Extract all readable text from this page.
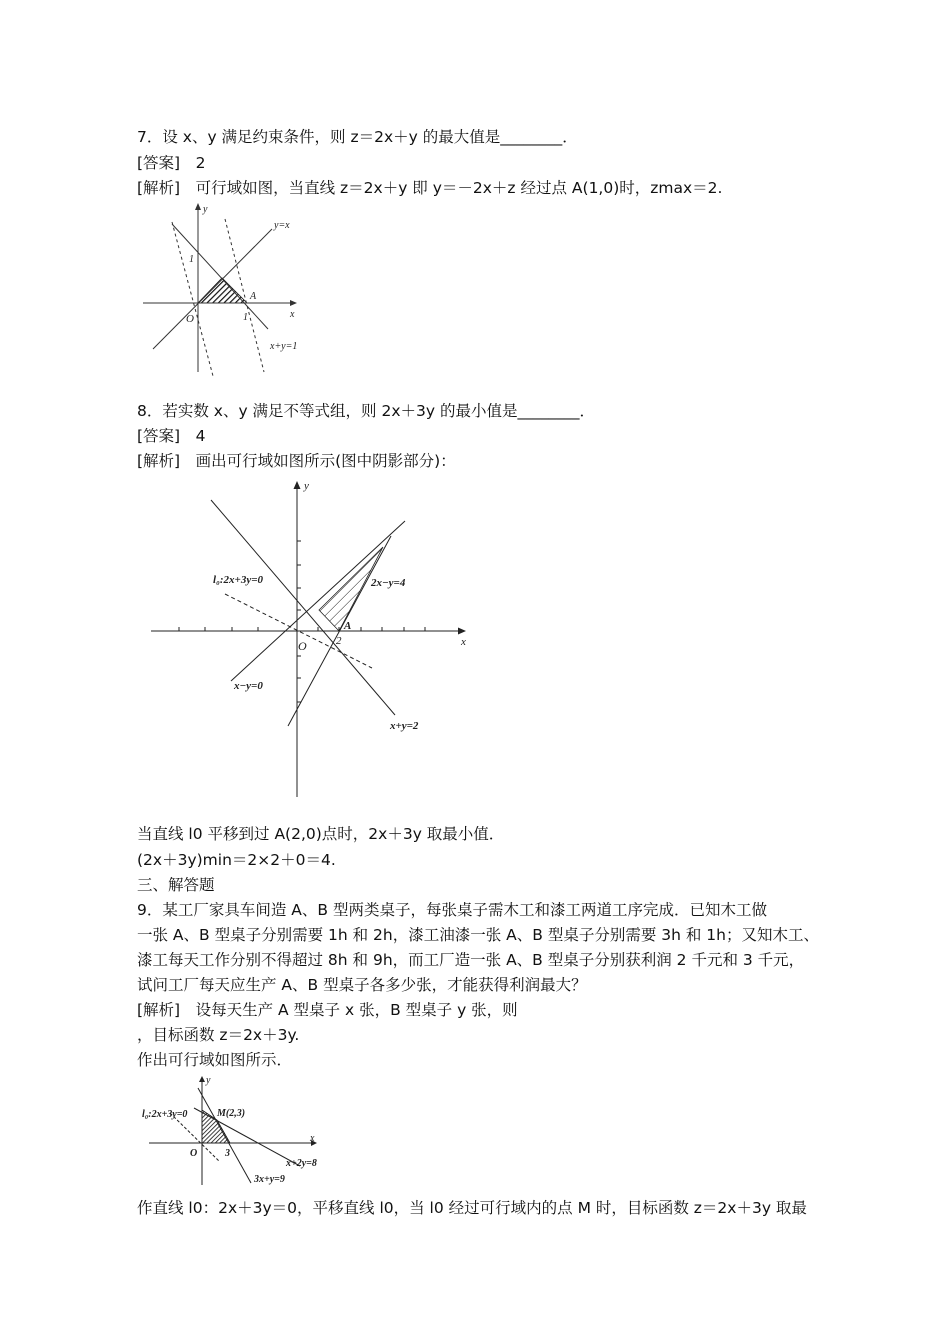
7．设 x、y 满足约束条件，则 z＝2x＋y 的最大值是________．
[答案]　2
[解析]　可行域如图，当直线 z＝2x＋y 即 y＝－2x＋z 经过点 A(1,0)时，zmax＝2.
y
x
y=x
1
O	1
A
x+y=1
8．若实数 x、y 满足不等式组，则 2x＋3y 的最小值是________．
[答案]　4
[解析]　画出可行域如图所示(图中阴影部分)：
y
x
O	2
A
l₀:2x+3y=0	2x−y=4
x−y=0
x+y=2
当直线 l0 平移到过 A(2,0)点时，2x＋3y 取最小值．
(2x＋3y)min＝2×2＋0＝4.
三、解答题
9．某工厂家具车间造 A、B 型两类桌子，每张桌子需木工和漆工两道工序完成．已知木工做
一张 A、B 型桌子分别需要 1h 和 2h，漆工油漆一张 A、B 型桌子分别需要 3h 和 1h；又知木工、
漆工每天工作分别不得超过 8h 和 9h，而工厂造一张 A、B 型桌子分别获利润 2 千元和 3 千元，
试问工厂每天应生产 A、B 型桌子各多少张，才能获得利润最大？
[解析]　设每天生产 A 型桌子 x 张，B 型桌子 y 张，则
，目标函数 z＝2x＋3y.
作出可行域如图所示．
y
x
O	3
l₀:2x+3y=0	M(2,3)
x+2y=8
3x+y=9
作直线 l0：2x＋3y＝0，平移直线 l0，当 l0 经过可行域内的点 M 时，目标函数 z＝2x＋3y 取最
